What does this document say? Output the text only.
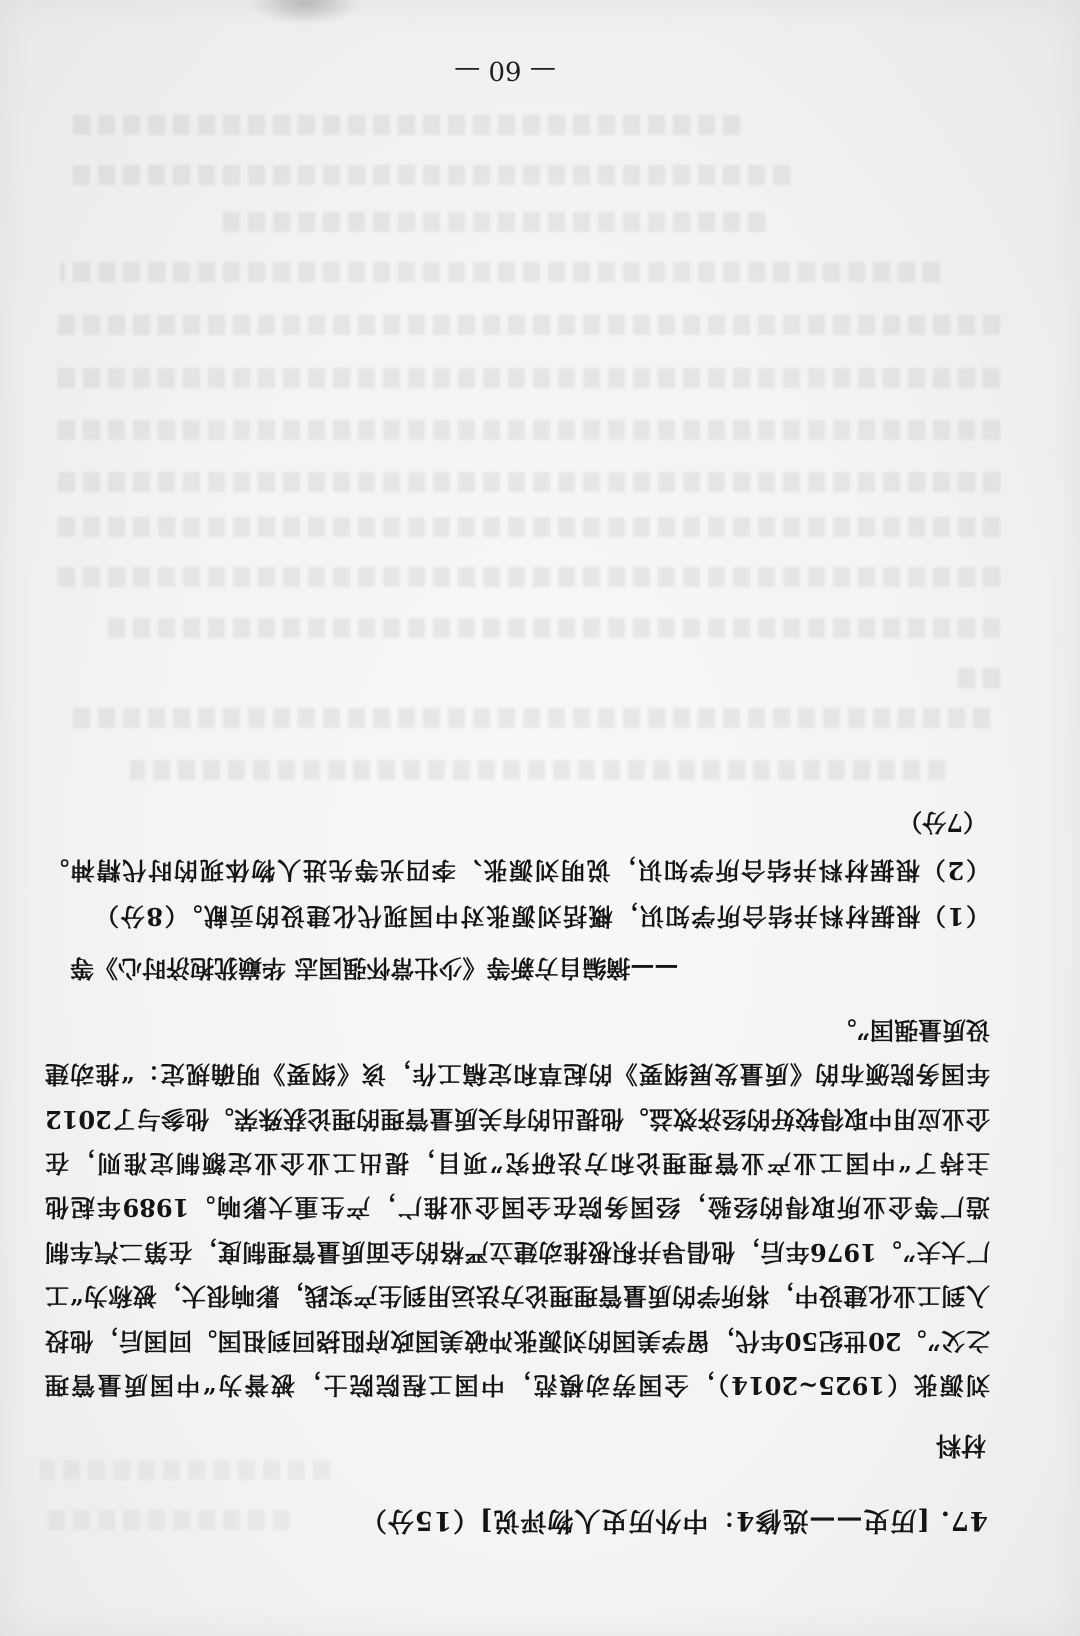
47. [历史——选修4：中外历史人物评说]（15分）
材料
刘源张（1925~2014），全国劳动模范，中国工程院院士，被誉为“中国质量管理
之父”。20世纪50年代，留学美国的刘源张冲破美国政府阻挠回到祖国。回国后，他投
入到工业化建设中，将所学的质量管理理论方法运用到生产实践，影响很大，被称为“工
厂大夫”。1976年后，他倡导并积极推动建立严格的全面质量管理制度，在第二汽车制
造厂等企业所取得的经验，经国务院在全国企业推广，产生重大影响。1989年起他
主持了“中国工业产业管理理论和方法研究”项目，提出工业企业定额制定准则，在
企业应用中取得较好的经济效益。他提出的有关质量管理的理论获殊荣。他参与了2012
年国务院颁布的《质量发展纲要》的起草和定稿工作，该《纲要》明确规定：“推动建
设质量强国”。
——摘编自方新等《少壮常怀强国志 华巅犹抱济时心》等
（1）根据材料并结合所学知识，概括刘源张对中国现代化建设的贡献。（8分）
（2）根据材料并结合所学知识，说明刘源张、李四光等先进人物体现的时代精神。
（7分）
— 60 —
